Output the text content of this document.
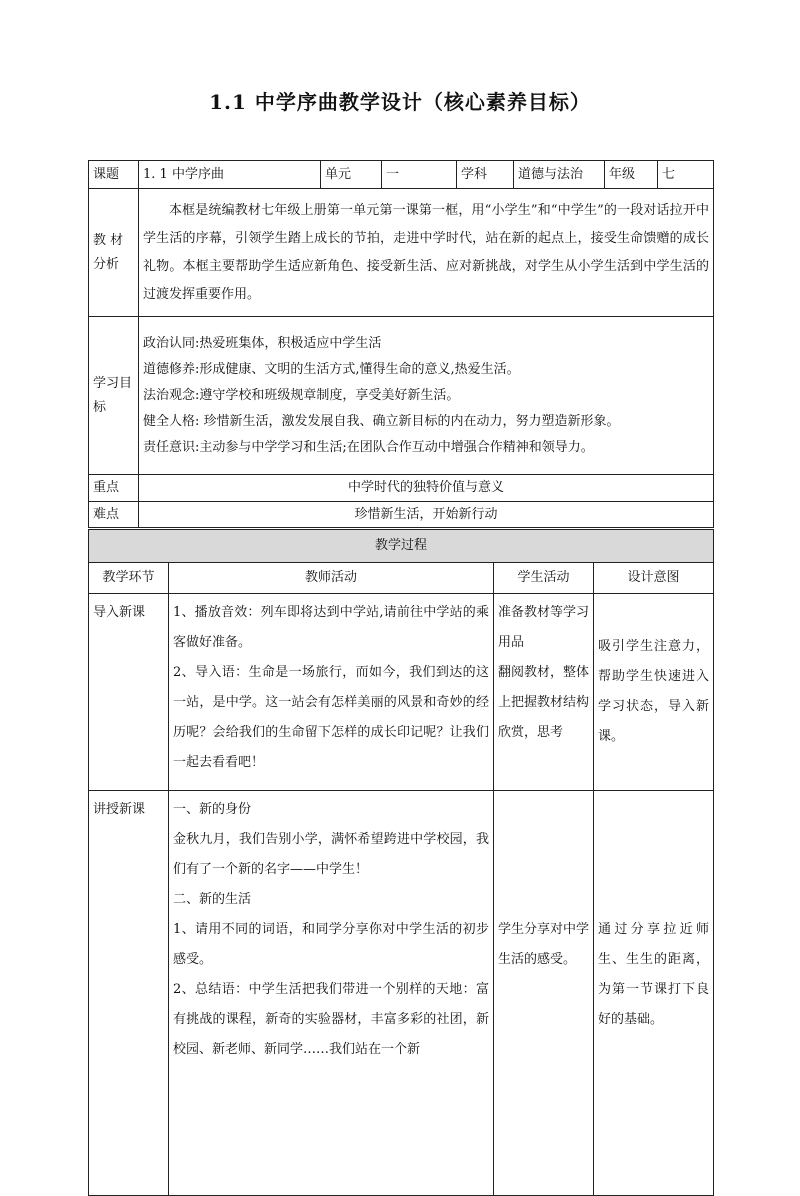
1.1 中学序曲教学设计（核心素养目标）
课题	1. 1 中学序曲	单元	一	学科	道德与法治	年级	七
教 材分析	本框是统编教材七年级上册第一单元第一课第一框，用“小学生”和“中学生”的一段对话拉开中学生活的序幕，引领学生踏上成长的节拍，走进中学时代，站在新的起点上，接受生命馈赠的成长礼物。本框主要帮助学生适应新角色、接受新生活、应对新挑战，对学生从小学生活到中学生活的过渡发挥重要作用。						
学习目标	政治认同:热爱班集体，积极适应中学生活
道德修养:形成健康、文明的生活方式,懂得生命的意义,热爱生活。
法治观念:遵守学校和班级规章制度，享受美好新生活。
健全人格: 珍惜新生活，激发发展自我、确立新目标的内在动力，努力塑造新形象。
责任意识:主动参与中学学习和生活;在团队合作互动中增强合作精神和领导力。						

重点	中学时代的独特价值与意义						
难点	珍惜新生活，开始新行动						
教学过程			
教学环节	教师活动	学生活动	设计意图

导入新课	1、播放音效：列车即将达到中学站,请前往中学站的乘客做好准备。
2、导入语：生命是一场旅行，而如今，我们到达的这一站，是中学。这一站会有怎样美丽的风景和奇妙的经历呢？会给我们的生命留下怎样的成长印记呢？让我们一起去看看吧！	准备教材等学习用品
翻阅教材，整体上把握教材结构
欣赏，思考	吸引学生注意力，帮助学生快速进入学习状态，导入新课。

讲授新课	一、新的身份
金秋九月，我们告别小学，满怀希望跨进中学校园，我们有了一个新的名字——中学生！
二、新的生活
1、请用不同的词语，和同学分享你对中学生活的初步感受。
2、总结语：中学生活把我们带进一个别样的天地：富有挑战的课程，新奇的实验器材，丰富多彩的社团，新校园、新老师、新同学……我们站在一个新	学生分享对中学生活的感受。	通过分享拉近师生、生生的距离，为第一节课打下良好的基础。
